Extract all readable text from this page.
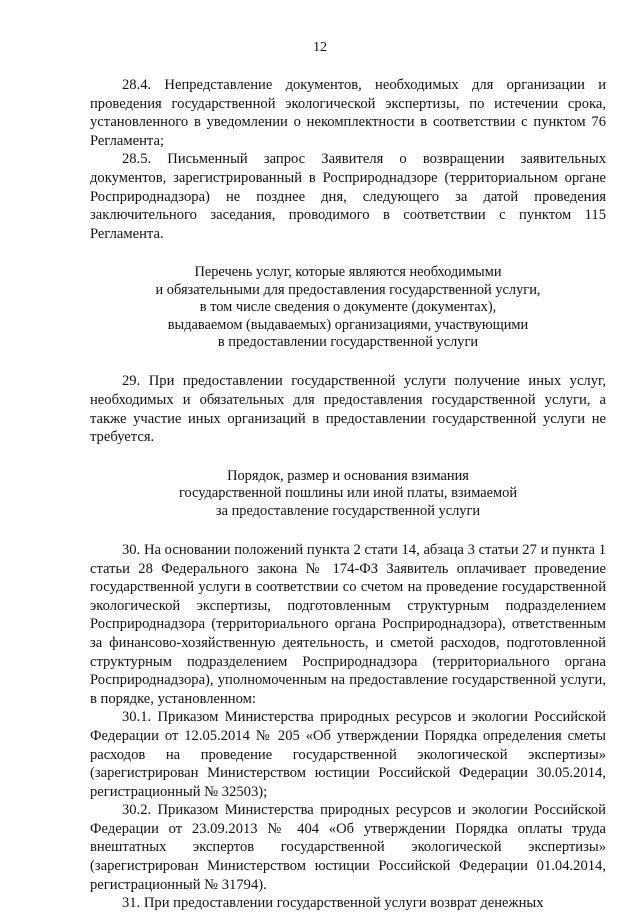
12

28.4. Непредставление документов, необходимых для организации и проведения государственной экологической экспертизы, по истечении срока, установленного в уведомлении о некомплектности в соответствии с пунктом 76 Регламента;

28.5. Письменный запрос Заявителя о возвращении заявительных документов, зарегистрированный в Росприроднадзоре (территориальном органе Росприроднадзора) не позднее дня, следующего за датой проведения заключительного заседания, проводимого в соответствии с пунктом 115 Регламента.

Перечень услуг, которые являются необходимыми
и обязательными для предоставления государственной услуги,
в том числе сведения о документе (документах),
выдаваемом (выдаваемых) организациями, участвующими
в предоставлении государственной услуги

29. При предоставлении государственной услуги получение иных услуг, необходимых и обязательных для предоставления государственной услуги, а также участие иных организаций в предоставлении государственной услуги не требуется.

Порядок, размер и основания взимания
государственной пошлины или иной платы, взимаемой
за предоставление государственной услуги

30. На основании положений пункта 2 стати 14, абзаца 3 статьи 27 и пункта 1 статьи 28 Федерального закона № 174-ФЗ Заявитель оплачивает проведение государственной услуги в соответствии со счетом на проведение государственной экологической экспертизы, подготовленным структурным подразделением Росприроднадзора (территориального органа Росприроднадзора), ответственным за финансово-хозяйственную деятельность, и сметой расходов, подготовленной структурным подразделением Росприроднадзора (территориального органа Росприроднадзора), уполномоченным на предоставление государственной услуги, в порядке, установленном:

30.1. Приказом Министерства природных ресурсов и экологии Российской Федерации от 12.05.2014 № 205 «Об утверждении Порядка определения сметы расходов на проведение государственной экологической экспертизы» (зарегистрирован Министерством юстиции Российской Федерации 30.05.2014, регистрационный № 32503);

30.2. Приказом Министерства природных ресурсов и экологии Российской Федерации от 23.09.2013 № 404 «Об утверждении Порядка оплаты труда внештатных экспертов государственной экологической экспертизы» (зарегистрирован Министерством юстиции Российской Федерации 01.04.2014, регистрационный № 31794).

31. При предоставлении государственной услуги возврат денежных
